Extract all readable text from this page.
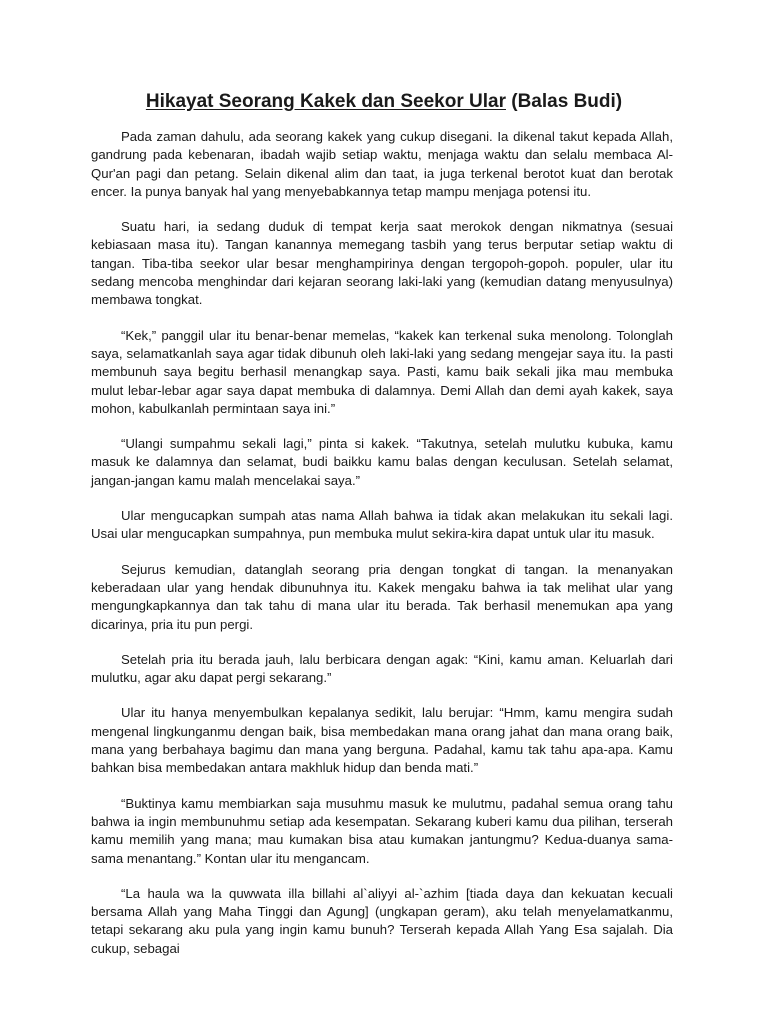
Hikayat Seorang Kakek dan Seekor Ular (Balas Budi)

Pada zaman dahulu, ada seorang kakek yang cukup disegani. Ia dikenal takut kepada Allah, gandrung pada kebenaran, ibadah wajib setiap waktu, menjaga waktu dan selalu membaca Al-Qur'an pagi dan petang. Selain dikenal alim dan taat, ia juga terkenal berotot kuat dan berotak encer. Ia punya banyak hal yang menyebabkannya tetap mampu menjaga potensi itu.

Suatu hari, ia sedang duduk di tempat kerja saat merokok dengan nikmatnya (sesuai kebiasaan masa itu). Tangan kanannya memegang tasbih yang terus berputar setiap waktu di tangan. Tiba-tiba seekor ular besar menghampirinya dengan tergopoh-gopoh. populer, ular itu sedang mencoba menghindar dari kejaran seorang laki-laki yang (kemudian datang menyusulnya) membawa tongkat.

“Kek,” panggil ular itu benar-benar memelas, “kakek kan terkenal suka menolong. Tolonglah saya, selamatkanlah saya agar tidak dibunuh oleh laki-laki yang sedang mengejar saya itu. Ia pasti membunuh saya begitu berhasil menangkap saya. Pasti, kamu baik sekali jika mau membuka mulut lebar-lebar agar saya dapat membuka di dalamnya. Demi Allah dan demi ayah kakek, saya mohon, kabulkanlah permintaan saya ini.”

“Ulangi sumpahmu sekali lagi,” pinta si kakek. “Takutnya, setelah mulutku kubuka, kamu masuk ke dalamnya dan selamat, budi baikku kamu balas dengan keculusan. Setelah selamat, jangan-jangan kamu malah mencelakai saya.”

Ular mengucapkan sumpah atas nama Allah bahwa ia tidak akan melakukan itu sekali lagi. Usai ular mengucapkan sumpahnya, pun membuka mulut sekira-kira dapat untuk ular itu masuk.

Sejurus kemudian, datanglah seorang pria dengan tongkat di tangan. Ia menanyakan keberadaan ular yang hendak dibunuhnya itu. Kakek mengaku bahwa ia tak melihat ular yang mengungkapkannya dan tak tahu di mana ular itu berada. Tak berhasil menemukan apa yang dicarinya, pria itu pun pergi.

Setelah pria itu berada jauh, lalu berbicara dengan agak: “Kini, kamu aman. Keluarlah dari mulutku, agar aku dapat pergi sekarang.”

Ular itu hanya menyembulkan kepalanya sedikit, lalu berujar: “Hmm, kamu mengira sudah mengenal lingkunganmu dengan baik, bisa membedakan mana orang jahat dan mana orang baik, mana yang berbahaya bagimu dan mana yang berguna. Padahal, kamu tak tahu apa-apa. Kamu bahkan bisa membedakan antara makhluk hidup dan benda mati.”

“Buktinya kamu membiarkan saja musuhmu masuk ke mulutmu, padahal semua orang tahu bahwa ia ingin membunuhmu setiap ada kesempatan. Sekarang kuberi kamu dua pilihan, terserah kamu memilih yang mana; mau kumakan bisa atau kumakan jantungmu? Kedua-duanya sama-sama menantang.” Kontan ular itu mengancam.

“La haula wa la quwwata illa billahi al`aliyyi al-`azhim [tiada daya dan kekuatan kecuali bersama Allah yang Maha Tinggi dan Agung] (ungkapan geram), aku telah menyelamatkanmu, tetapi sekarang aku pula yang ingin kamu bunuh? Terserah kepada Allah Yang Esa sajalah. Dia cukup, sebagai
